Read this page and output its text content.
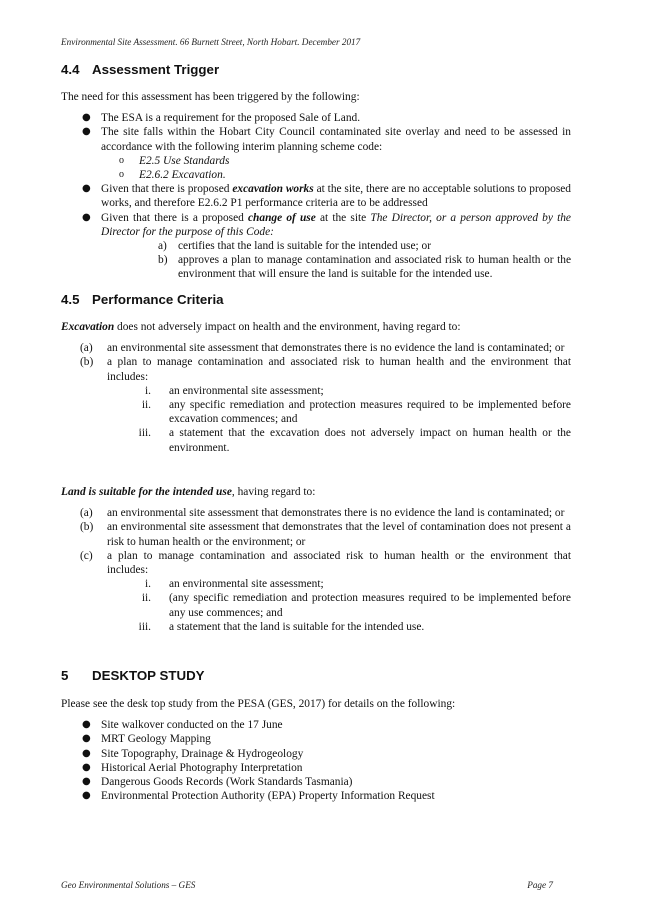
Environmental Site Assessment. 66 Burnett Street, North Hobart. December 2017
4.4 Assessment Trigger

The need for this assessment has been triggered by the following:

● The ESA is a requirement for the proposed Sale of Land.
● The site falls within the Hobart City Council contaminated site overlay and need to be assessed in accordance with the following interim planning scheme code:
o E2.5 Use Standards
o E2.6.2 Excavation.
● Given that there is proposed excavation works at the site, there are no acceptable solutions to proposed works, and therefore E2.6.2 P1 performance criteria are to be addressed
● Given that there is a proposed change of use at the site The Director, or a person approved by the Director for the purpose of this Code:
a) certifies that the land is suitable for the intended use; or
b) approves a plan to manage contamination and associated risk to human health or the environment that will ensure the land is suitable for the intended use.
4.5 Performance Criteria

Excavation does not adversely impact on health and the environment, having regard to:

(a) an environmental site assessment that demonstrates there is no evidence the land is contaminated; or
(b) a plan to manage contamination and associated risk to human health and the environment that includes:
i. an environmental site assessment;
ii. any specific remediation and protection measures required to be implemented before excavation commences; and
iii. a statement that the excavation does not adversely impact on human health or the environment.

Land is suitable for the intended use, having regard to:

(a) an environmental site assessment that demonstrates there is no evidence the land is contaminated; or
(b) an environmental site assessment that demonstrates that the level of contamination does not present a risk to human health or the environment; or
(c) a plan to manage contamination and associated risk to human health or the environment that includes:
i. an environmental site assessment;
ii. (any specific remediation and protection measures required to be implemented before any use commences; and
iii. a statement that the land is suitable for the intended use.
5 DESKTOP STUDY

Please see the desk top study from the PESA (GES, 2017) for details on the following:

● Site walkover conducted on the 17 June
● MRT Geology Mapping
● Site Topography, Drainage & Hydrogeology
● Historical Aerial Photography Interpretation
● Dangerous Goods Records (Work Standards Tasmania)
● Environmental Protection Authority (EPA) Property Information Request
Geo Environmental Solutions – GES	Page 7
